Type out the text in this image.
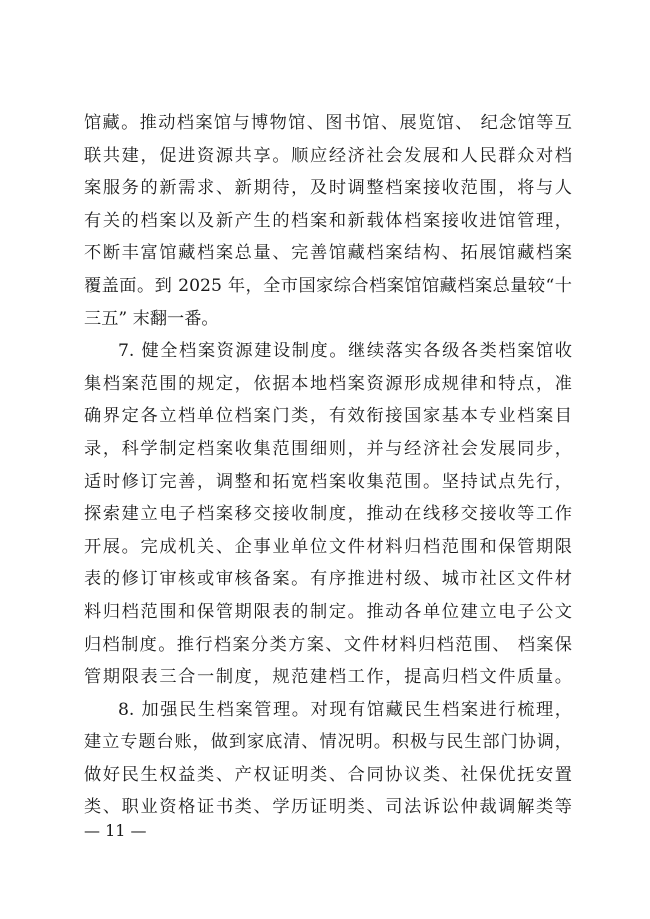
馆藏。推动档案馆与博物馆、图书馆、展览馆、 纪念馆等互
联共建，促进资源共享。顺应经济社会发展和人民群众对档
案服务的新需求、新期待，及时调整档案接收范围，将与人
有关的档案以及新产生的档案和新载体档案接收进馆管理，
不断丰富馆藏档案总量、完善馆藏档案结构、拓展馆藏档案
覆盖面。到 2025 年，全市国家综合档案馆馆藏档案总量较“十
三五” 末翻一番。
7. 健全档案资源建设制度。继续落实各级各类档案馆收
集档案范围的规定，依据本地档案资源形成规律和特点，准
确界定各立档单位档案门类，有效衔接国家基本专业档案目
录，科学制定档案收集范围细则，并与经济社会发展同步，
适时修订完善，调整和拓宽档案收集范围。坚持试点先行，
探索建立电子档案移交接收制度，推动在线移交接收等工作
开展。完成机关、企事业单位文件材料归档范围和保管期限
表的修订审核或审核备案。有序推进村级、城市社区文件材
料归档范围和保管期限表的制定。推动各单位建立电子公文
归档制度。推行档案分类方案、文件材料归档范围、 档案保
管期限表三合一制度，规范建档工作，提高归档文件质量。
8. 加强民生档案管理。对现有馆藏民生档案进行梳理，
建立专题台账，做到家底清、情况明。积极与民生部门协调，
做好民生权益类、产权证明类、合同协议类、社保优抚安置
类、职业资格证书类、学历证明类、司法诉讼仲裁调解类等
— 11 —
